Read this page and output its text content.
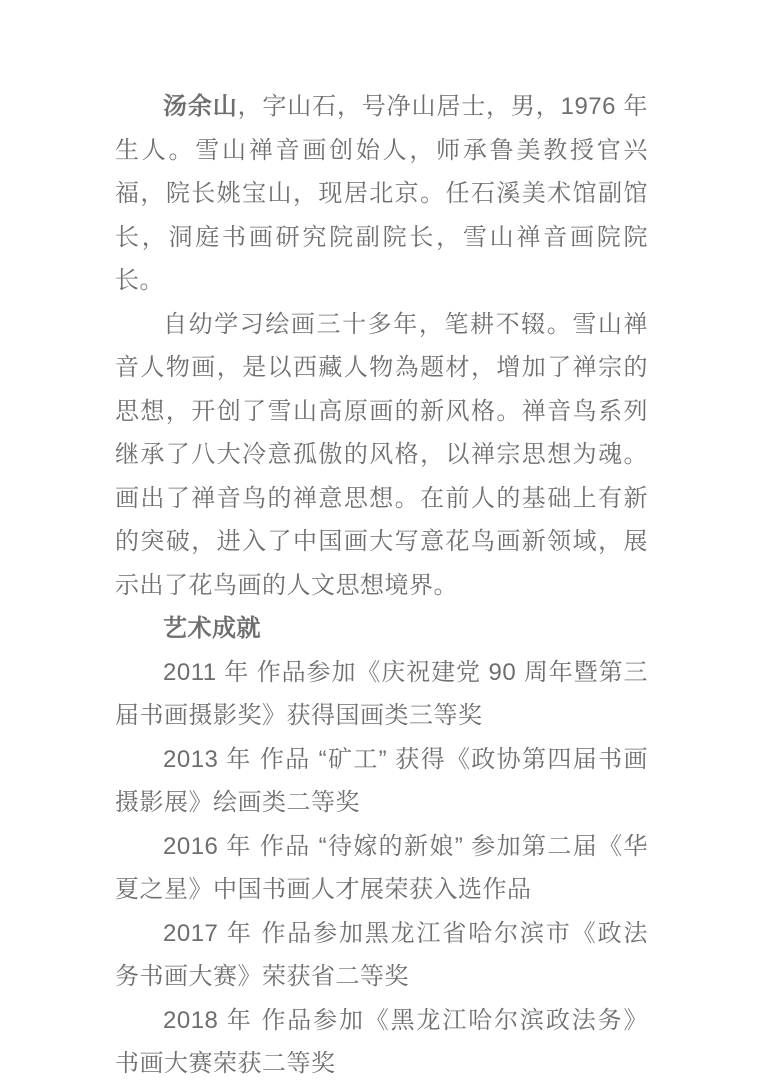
汤余山，字山石，号净山居士，男，1976 年生人。雪山禅音画创始人，师承鲁美教授官兴福，院长姚宝山，现居北京。任石溪美术馆副馆长，洞庭书画研究院副院长，雪山禅音画院院长。

自幼学习绘画三十多年，笔耕不辍。雪山禅音人物画，是以西藏人物為题材，增加了禅宗的思想，开创了雪山高原画的新风格。禅音鸟系列继承了八大冷意孤傲的风格，以禅宗思想为魂。画出了禅音鸟的禅意思想。在前人的基础上有新的突破，进入了中国画大写意花鸟画新领域，展示出了花鸟画的人文思想境界。

艺术成就

2011 年 作品参加《庆祝建党 90 周年暨第三届书画摄影奖》获得国画类三等奖

2013 年 作品 “矿工” 获得《政协第四届书画摄影展》绘画类二等奖

2016 年 作品 “待嫁的新娘” 参加第二届《华夏之星》中国书画人才展荣获入选作品

2017 年 作品参加黑龙江省哈尔滨市《政法务书画大赛》荣获省二等奖

2018 年 作品参加《黑龙江哈尔滨政法务》书画大赛荣获二等奖
